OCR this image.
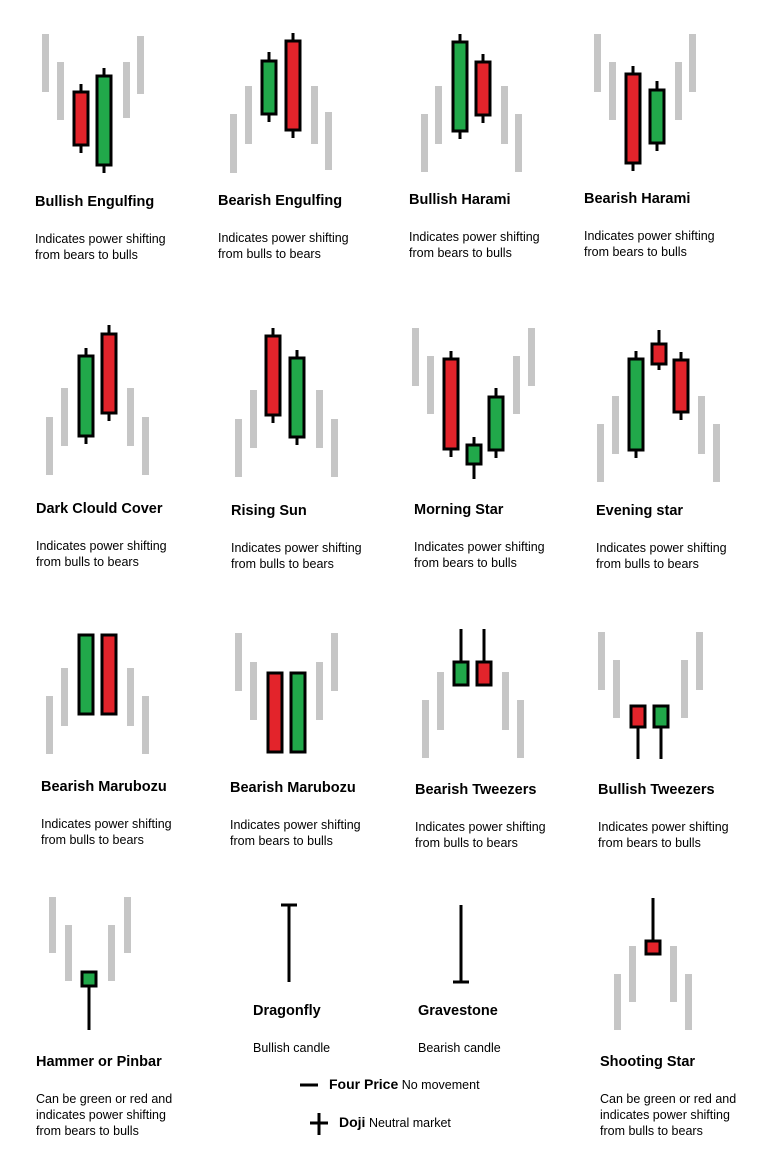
Bullish Engulfing
Indicates power shifting
from bears to bulls
Bearish Engulfing
Indicates power shifting
from bulls to bears
Bullish Harami
Indicates power shifting
from bears to bulls
Bearish Harami
Indicates power shifting
from bears to bulls
Dark Clould Cover
Indicates power shifting
from bulls to bears
Rising Sun
Indicates power shifting
from bulls to bears
Morning Star
Indicates power shifting
from bears to bulls
Evening star
Indicates power shifting
from bulls to bears
Bearish Marubozu
Indicates power shifting
from bulls to bears
Bearish Marubozu
Indicates power shifting
from bears to bulls
Bearish Tweezers
Indicates power shifting
from bulls to bears
Bullish Tweezers
Indicates power shifting
from bears to bulls
Hammer or Pinbar
Can be green or red and
indicates power shifting
from bears to bulls
Dragonfly
Bullish candle
Gravestone
Bearish candle
Shooting Star
Can be green or red and
indicates power shifting
from bulls to bears
Four Price No movement
Doji Neutral market
